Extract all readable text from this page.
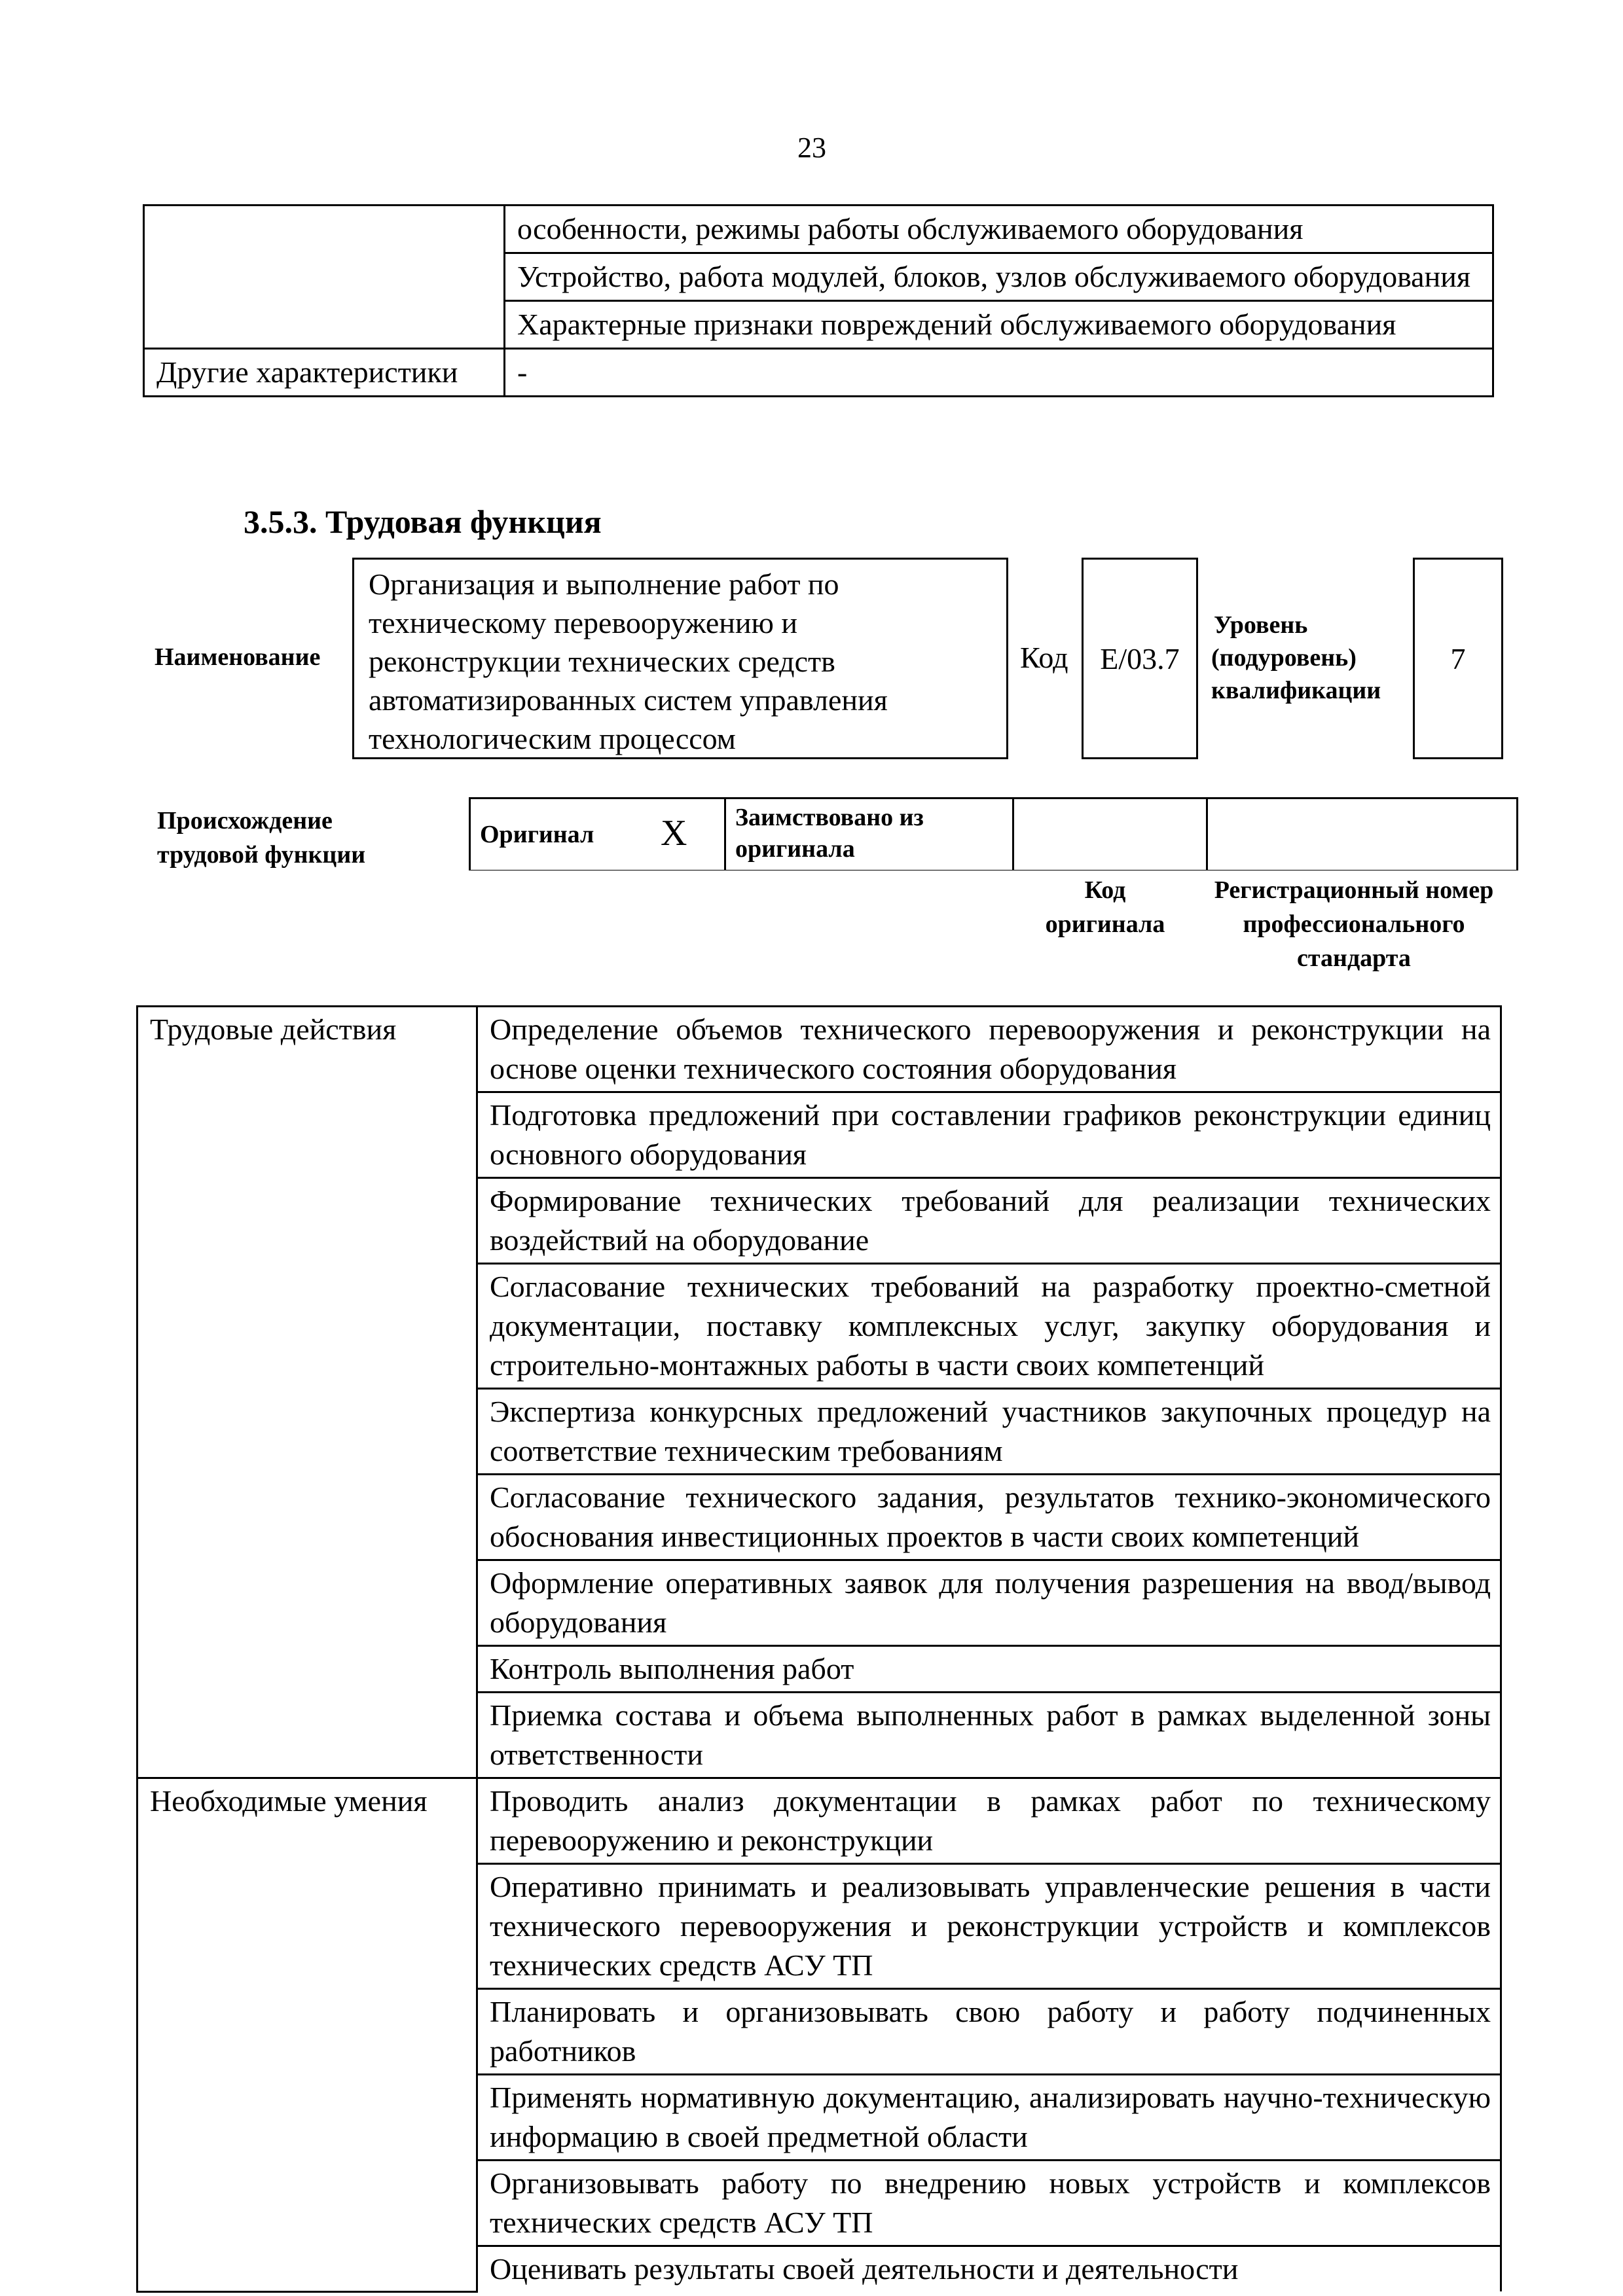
23
	особенности, режимы работы обслуживаемого оборудования
	Устройство, работа модулей, блоков, узлов обслуживаемого оборудования
	Характерные признаки повреждений обслуживаемого оборудования
Другие характеристики	-
3.5.3. Трудовая функция
Наименование
Организация и выполнение работ по техническому перевооружению и реконструкции технических средств автоматизированных систем управления технологическим процессом
Код E/03.7
Уровень
(подуровень)
квалификации
7
Происхождение
трудовой функции
Оригинал X	Заимствовано из оригинала
Код
оригинала
Регистрационный номер
профессионального
стандарта
Трудовые действия	Определение объемов технического перевооружения и реконструкции на основе оценки технического состояния оборудования
	Подготовка предложений при составлении графиков реконструкции единиц основного оборудования
	Формирование технических требований для реализации технических воздействий на оборудование
	Согласование технических требований на разработку проектно-сметной документации, поставку комплексных услуг, закупку оборудования и строительно-монтажных работы в части своих компетенций
	Экспертиза конкурсных предложений участников закупочных процедур на соответствие техническим требованиям
	Согласование технического задания, результатов технико-экономического обоснования инвестиционных проектов в части своих компетенций
	Оформление оперативных заявок для получения разрешения на ввод/вывод оборудования
	Контроль выполнения работ
	Приемка состава и объема выполненных работ в рамках выделенной зоны ответственности
Необходимые умения	Проводить анализ документации в рамках работ по техническому перевооружению и реконструкции
	Оперативно принимать и реализовывать управленческие решения в части технического перевооружения и реконструкции устройств и комплексов технических средств АСУ ТП
	Планировать и организовывать свою работу и работу подчиненных работников
	Применять нормативную документацию, анализировать научно-техническую информацию в своей предметной области
	Организовывать работу по внедрению новых устройств и комплексов технических средств АСУ ТП
	Оценивать результаты своей деятельности и деятельности
